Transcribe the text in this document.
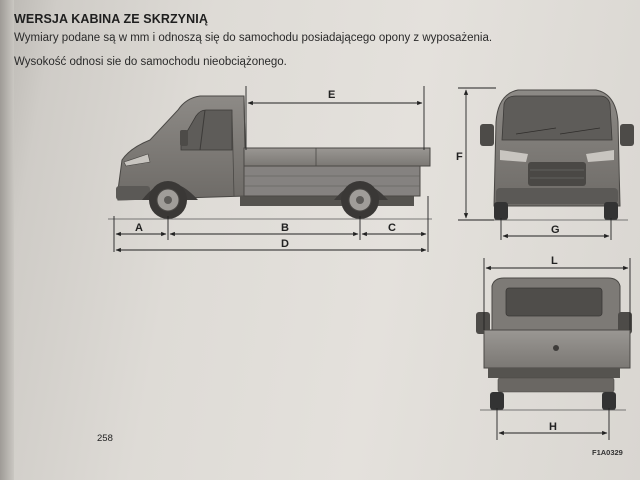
WERSJA KABINA ZE SKRZYNIĄ
Wymiary podane są w mm i odnoszą się do samochodu posiadającego opony z wyposażenia.
Wysokość odnosi sie do samochodu nieobciążonego.
E
A	B	C
D
F
G
L
H
258
F1A0329
